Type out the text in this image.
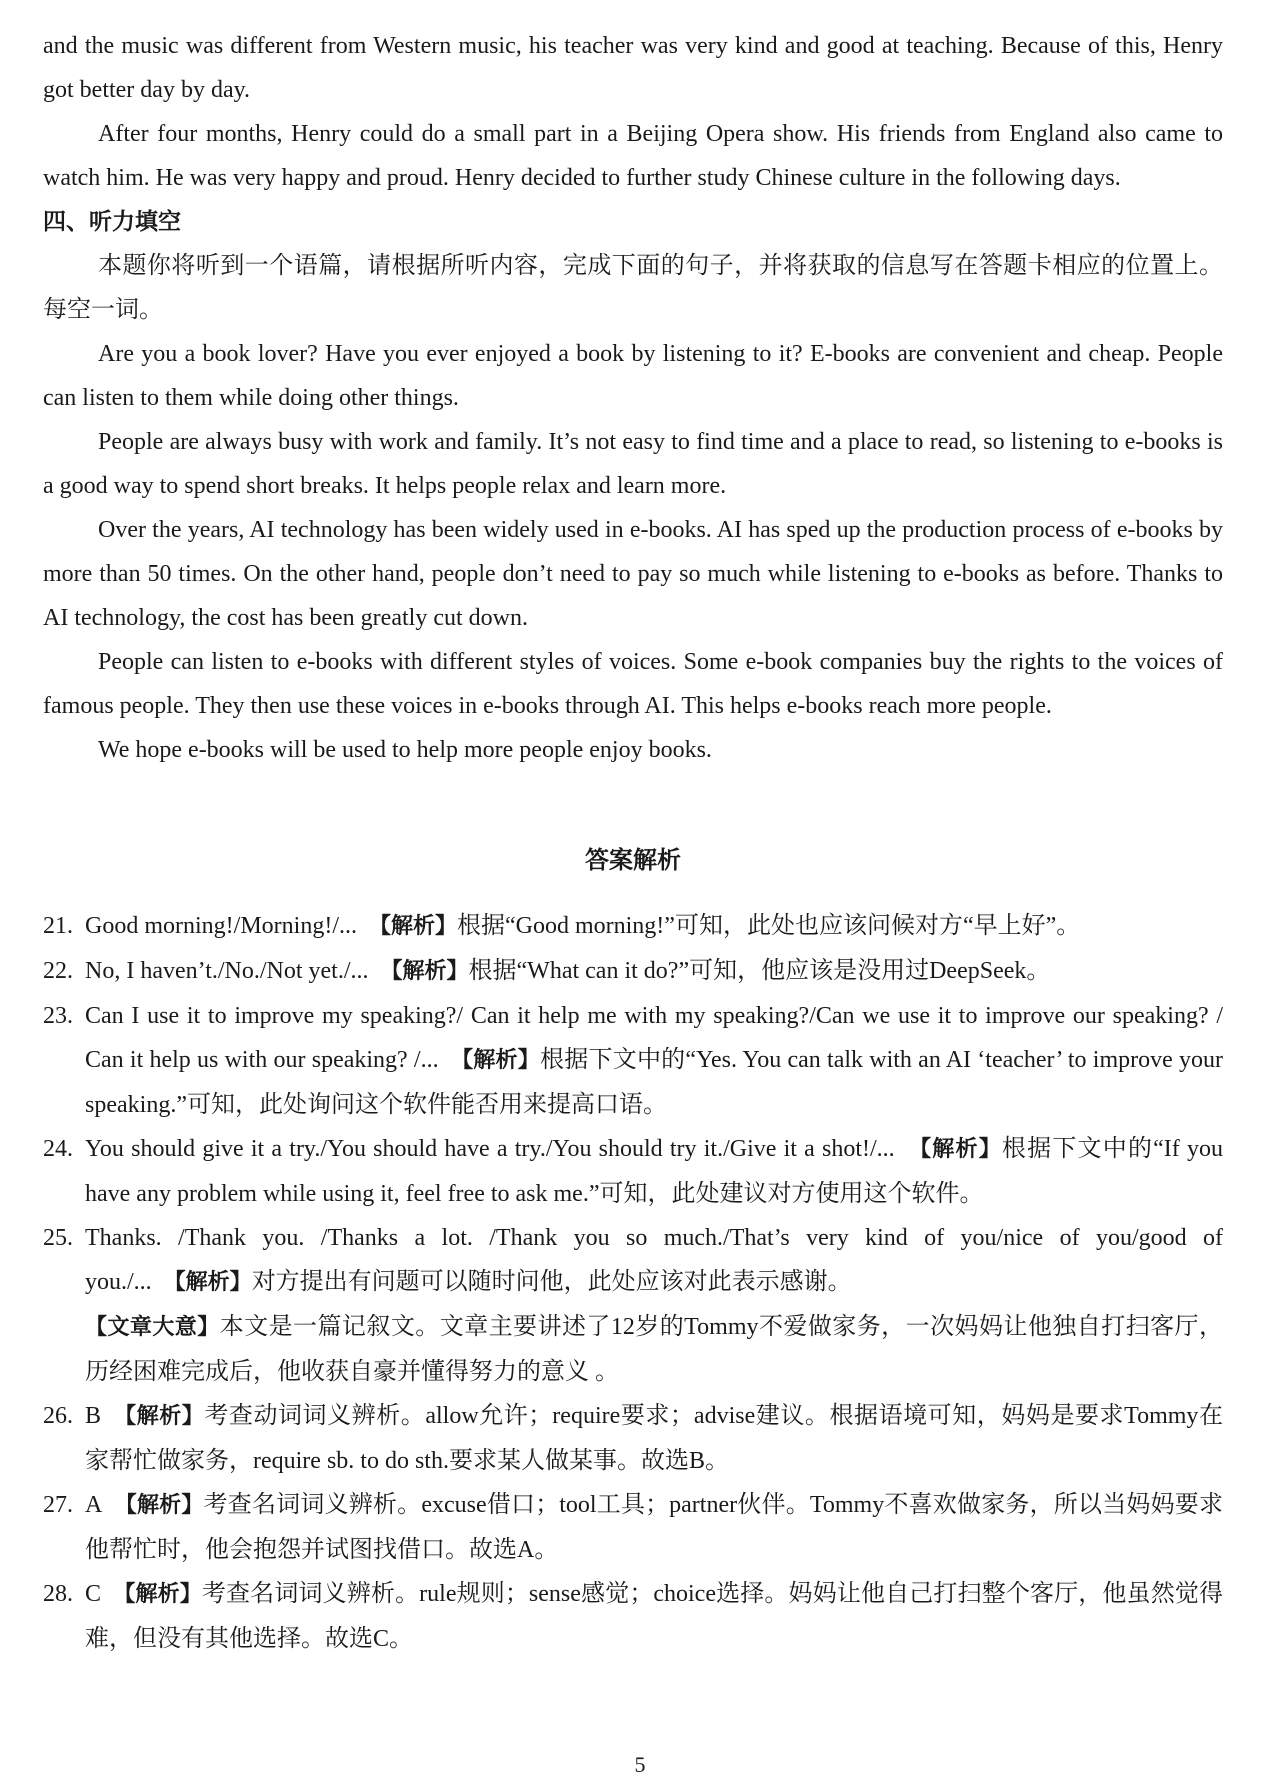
and the music was different from Western music, his teacher was very kind and good at teaching. Because of this, Henry got better day by day.

After four months, Henry could do a small part in a Beijing Opera show. His friends from England also came to watch him. He was very happy and proud. Henry decided to further study Chinese culture in the following days.

四、听力填空

本题你将听到一个语篇，请根据所听内容，完成下面的句子，并将获取的信息写在答题卡相应的位置上。每空一词。

Are you a book lover? Have you ever enjoyed a book by listening to it? E-books are convenient and cheap. People can listen to them while doing other things.

People are always busy with work and family. It’s not easy to find time and a place to read, so listening to e-books is a good way to spend short breaks. It helps people relax and learn more.

Over the years, AI technology has been widely used in e-books. AI has sped up the production process of e-books by more than 50 times. On the other hand, people don’t need to pay so much while listening to e-books as before. Thanks to AI technology, the cost has been greatly cut down.

People can listen to e-books with different styles of voices. Some e-book companies buy the rights to the voices of famous people. They then use these voices in e-books through AI. This helps e-books reach more people.

We hope e-books will be used to help more people enjoy books.

答案解析
21. Good morning!/Morning!/... 【解析】根据“Good morning!”可知，此处也应该问候对方“早上好”。
22. No, I haven’t./No./Not yet./... 【解析】根据“What can it do?”可知，他应该是没用过DeepSeek。
23. Can I use it to improve my speaking?/ Can it help me with my speaking?/Can we use it to improve our speaking? / Can it help us with our speaking? /... 【解析】根据下文中的“Yes. You can talk with an AI ‘teacher’ to improve your speaking.”可知，此处询问这个软件能否用来提高口语。
24. You should give it a try./You should have a try./You should try it./Give it a shot!/... 【解析】根据下文中的“If you have any problem while using it, feel free to ask me.”可知，此处建议对方使用这个软件。
25. Thanks. /Thank you. /Thanks a lot. /Thank you so much./That’s very kind of you/nice of you/good of you./... 【解析】对方提出有问题可以随时问他，此处应该对此表示感谢。
【文章大意】本文是一篇记叙文。文章主要讲述了12岁的Tommy不爱做家务，一次妈妈让他独自打扫客厅，历经困难完成后，他收获自豪并懂得努力的意义 。
26. B 【解析】考查动词词义辨析。allow允许；require要求；advise建议。根据语境可知，妈妈是要求Tommy在家帮忙做家务，require sb. to do sth.要求某人做某事。故选B。
27. A 【解析】考查名词词义辨析。excuse借口；tool工具；partner伙伴。Tommy不喜欢做家务，所以当妈妈要求他帮忙时，他会抱怨并试图找借口。故选A。
28. C 【解析】考查名词词义辨析。rule规则；sense感觉；choice选择。妈妈让他自己打扫整个客厅，他虽然觉得难，但没有其他选择。故选C。
5
